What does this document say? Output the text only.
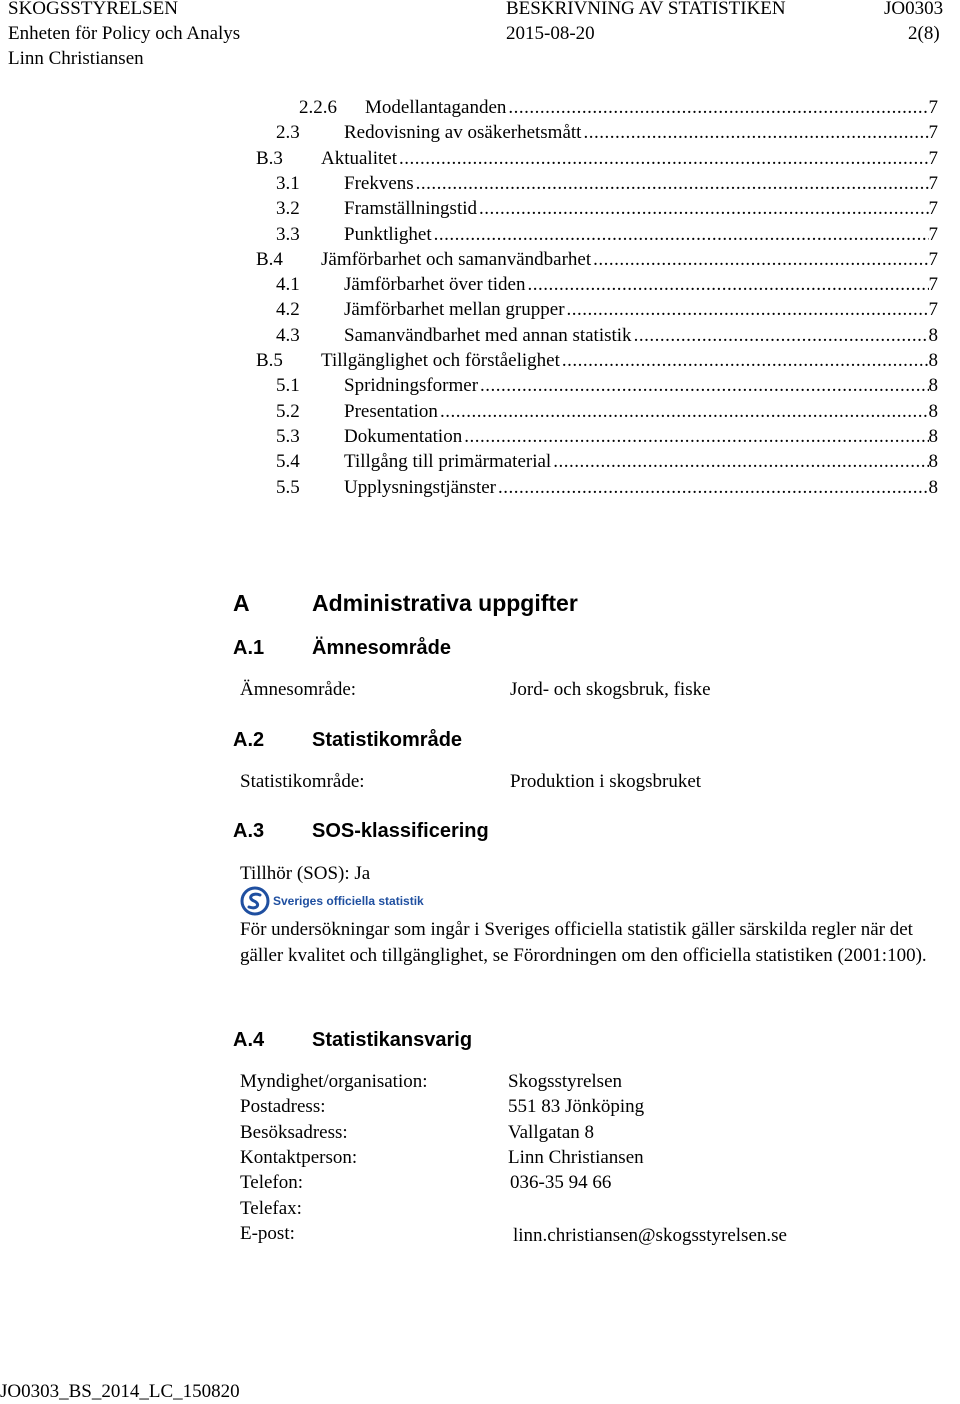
SKOGSSTYRELSEN	BESKRIVNING AV STATISTIKEN	JO0303
Enheten för Policy och Analys	2015-08-20	2(8)
Linn Christiansen
2.2.6 Modellantaganden .....	7
2.3 Redovisning av osäkerhetsmått .....	7
B.3 Aktualitet .....	7
3.1 Frekvens .....	7
3.2 Framställningstid .....	7
3.3 Punktlighet .....	7
B.4 Jämförbarhet och samanvändbarhet .....	7
4.1 Jämförbarhet över tiden .....	7
4.2 Jämförbarhet mellan grupper .....	7
4.3 Samanvändbarhet med annan statistik .....	8
B.5 Tillgänglighet och förståelighet .....	8
5.1 Spridningsformer .....	8
5.2 Presentation .....	8
5.3 Dokumentation .....	8
5.4 Tillgång till primärmaterial .....	8
5.5 Upplysningstjänster .....	8
A	Administrativa uppgifter
A.1 Ämnesområde
Ämnesområde:	Jord- och skogsbruk, fiske
A.2 Statistikområde
Statistikområde:	Produktion i skogsbruket
A.3 SOS-klassificering
Tillhör (SOS): Ja
Sveriges officiella statistik
För undersökningar som ingår i Sveriges officiella statistik gäller särskilda regler när det gäller kvalitet och tillgänglighet, se Förordningen om den officiella statistiken (2001:100).
A.4 Statistikansvarig
Myndighet/organisation:	Skogsstyrelsen
Postadress:	551 83 Jönköping
Besöksadress:	Vallgatan 8
Kontaktperson:	Linn Christiansen
Telefon:	036-35 94 66
Telefax:
E-post:	linn.christiansen@skogsstyrelsen.se
JO0303_BS_2014_LC_150820
